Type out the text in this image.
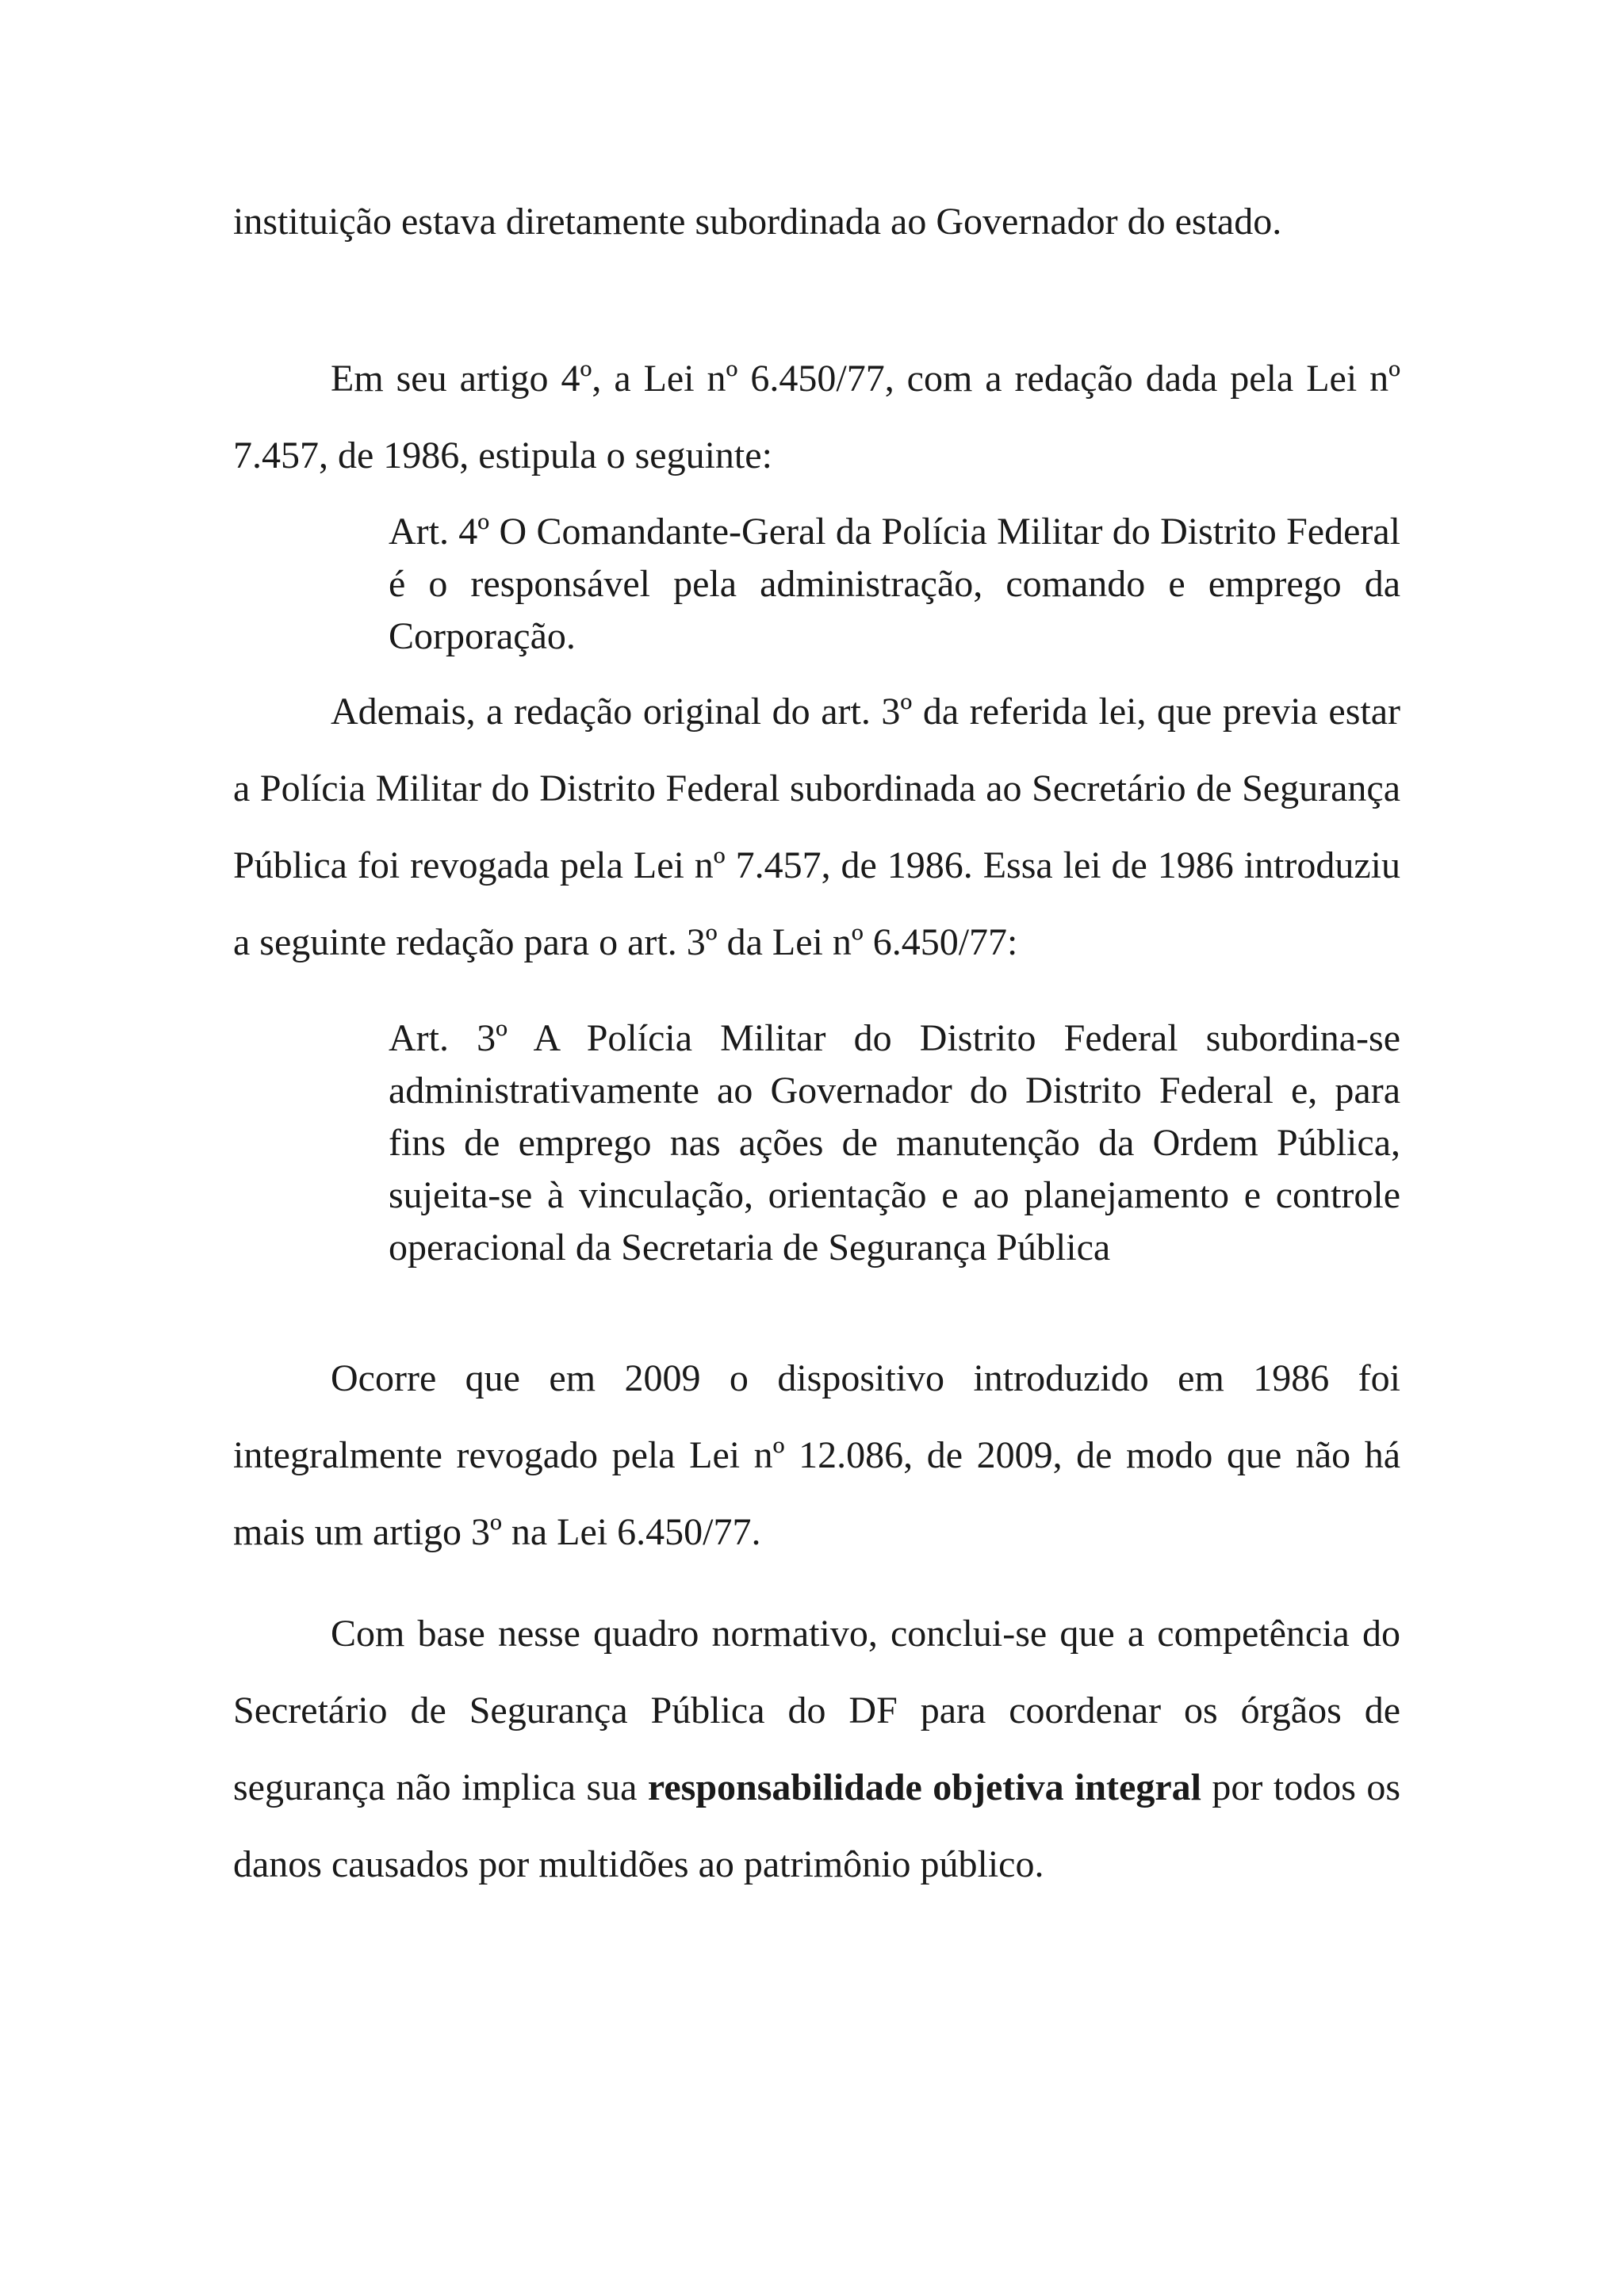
instituição estava diretamente subordinada ao Governador do estado.

Em seu artigo 4º, a Lei nº 6.450/77, com a redação dada pela Lei nº 7.457, de 1986, estipula o seguinte:

Art. 4º O Comandante-Geral da Polícia Militar do Distrito Federal é o responsável pela administração, comando e emprego da Corporação.

Ademais, a redação original do art. 3º da referida lei, que previa estar a Polícia Militar do Distrito Federal subordinada ao Secretário de Segurança Pública foi revogada pela Lei nº 7.457, de 1986. Essa lei de 1986 introduziu a seguinte redação para o art. 3º da Lei nº 6.450/77:

Art. 3º A Polícia Militar do Distrito Federal subordina-se administrativamente ao Governador do Distrito Federal e, para fins de emprego nas ações de manutenção da Ordem Pública, sujeita-se à vinculação, orientação e ao planejamento e controle operacional da Secretaria de Segurança Pública

Ocorre que em 2009 o dispositivo introduzido em 1986 foi integralmente revogado pela Lei nº 12.086, de 2009, de modo que não há mais um artigo 3º na Lei 6.450/77.

Com base nesse quadro normativo, conclui-se que a competência do Secretário de Segurança Pública do DF para coordenar os órgãos de segurança não implica sua responsabilidade objetiva integral por todos os danos causados por multidões ao patrimônio público.
